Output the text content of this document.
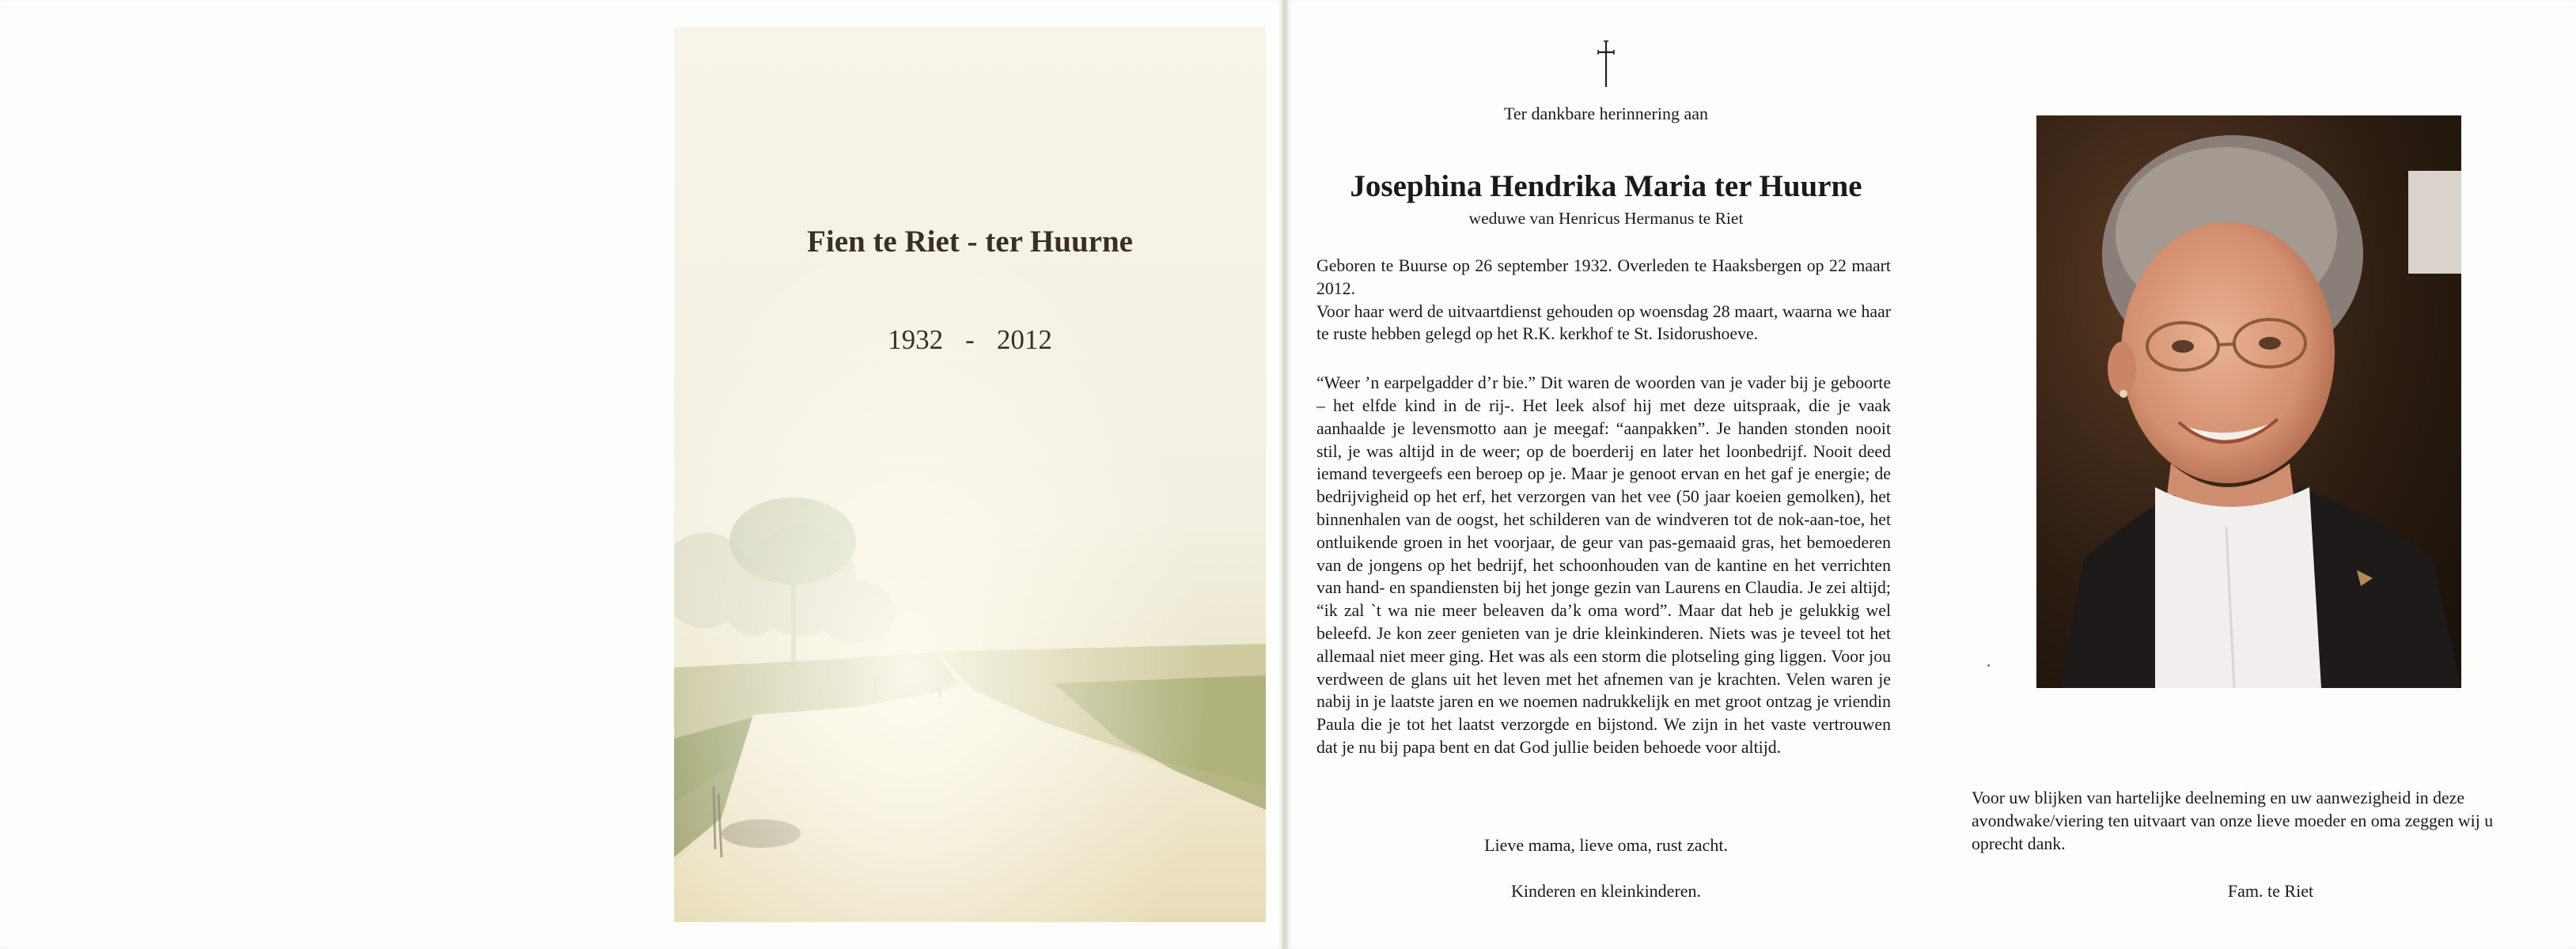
Fien te Riet - ter Huurne
1932 - 2012
Ter dankbare herinnering aan
Josephina Hendrika Maria ter Huurne
weduwe van Henricus Hermanus te Riet

Geboren te Buurse op 26 september 1932. Overleden te Haaksbergen op 22 maart 2012.

Voor haar werd de uitvaartdienst gehouden op woensdag 28 maart, waarna we haar te ruste hebben gelegd op het R.K. kerkhof te St. Isidorushoeve.

“Weer ’n earpelgadder d’r bie.” Dit waren de woorden van je vader bij je geboorte – het elfde kind in de rij-. Het leek alsof hij met deze uitspraak, die je vaak aanhaalde je levensmotto aan je meegaf: “aanpakken”. Je handen stonden nooit stil, je was altijd in de weer; op de boerderij en later het loonbedrijf. Nooit deed iemand tevergeefs een beroep op je. Maar je genoot ervan en het gaf je energie; de bedrijvigheid op het erf, het verzorgen van het vee (50 jaar koeien gemolken), het binnenhalen van de oogst, het schilderen van de windveren tot de nok-aan-toe, het ontluikende groen in het voorjaar, de geur van pas-gemaaid gras, het bemoederen van de jongens op het bedrijf, het schoonhouden van de kantine en het verrichten van hand- en spandiensten bij het jonge gezin van Laurens en Claudia. Je zei altijd; “ik zal `t wa nie meer beleaven da’k oma word”. Maar dat heb je gelukkig wel beleefd. Je kon zeer genieten van je drie kleinkinderen. Niets was je teveel tot het allemaal niet meer ging. Het was als een storm die plotseling ging liggen. Voor jou verdween de glans uit het leven met het afnemen van je krachten. Velen waren je nabij in je laatste jaren en we noemen nadrukkelijk en met groot ontzag je vriendin Paula die je tot het laatst verzorgde en bijstond. We zijn in het vaste vertrouwen dat je nu bij papa bent en dat God jullie beiden behoede voor altijd.

Lieve mama, lieve oma, rust zacht.
Kinderen en kleinkinderen.
Voor uw blijken van hartelijke deelneming en uw aanwezigheid in deze avondwake/viering ten uitvaart van onze lieve moeder en oma zeggen wij u oprecht dank.
Fam. te Riet
